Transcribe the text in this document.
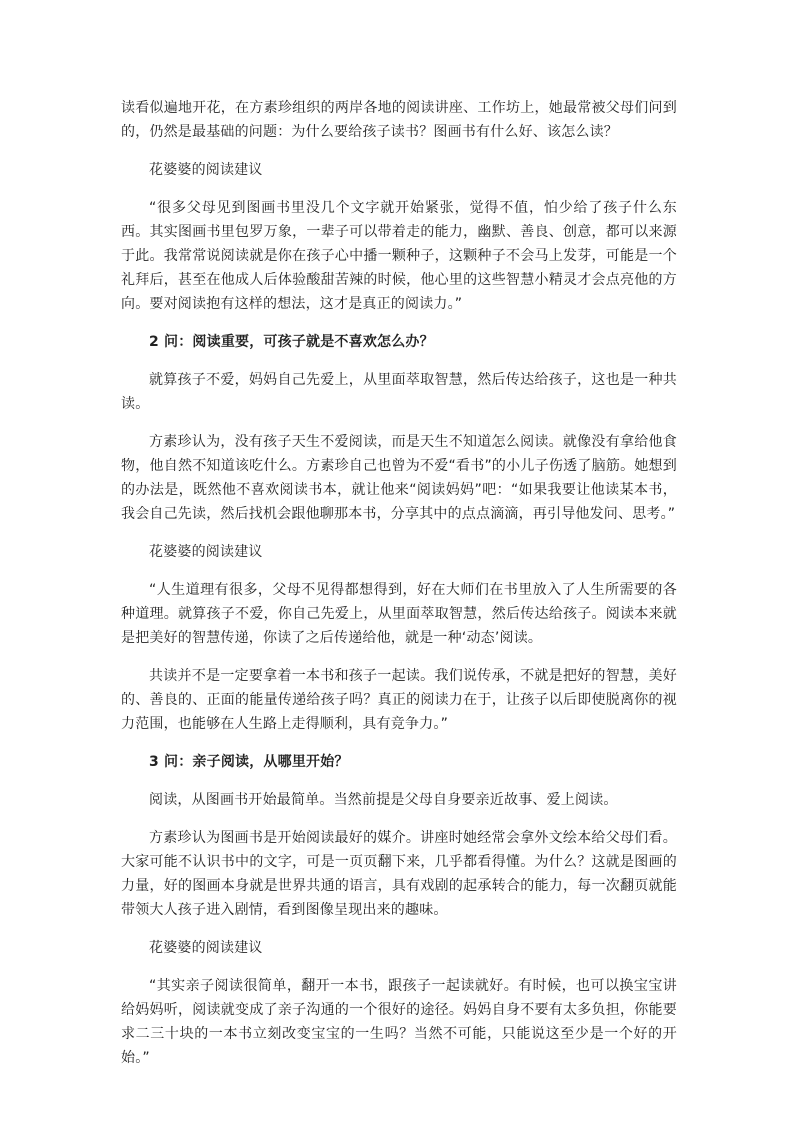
读看似遍地开花，在方素珍组织的两岸各地的阅读讲座、工作坊上，她最常被父母们问到的，仍然是最基础的问题：为什么要给孩子读书？图画书有什么好、该怎么读？

花婆婆的阅读建议

“很多父母见到图画书里没几个文字就开始紧张，觉得不值，怕少给了孩子什么东西。其实图画书里包罗万象，一辈子可以带着走的能力，幽默、善良、创意，都可以来源于此。我常常说阅读就是你在孩子心中播一颗种子，这颗种子不会马上发芽，可能是一个礼拜后，甚至在他成人后体验酸甜苦辣的时候，他心里的这些智慧小精灵才会点亮他的方向。要对阅读抱有这样的想法，这才是真正的阅读力。”

2 问：阅读重要，可孩子就是不喜欢怎么办？

就算孩子不爱，妈妈自己先爱上，从里面萃取智慧，然后传达给孩子，这也是一种共读。

方素珍认为，没有孩子天生不爱阅读，而是天生不知道怎么阅读。就像没有拿给他食物，他自然不知道该吃什么。方素珍自己也曾为不爱“看书”的小儿子伤透了脑筋。她想到的办法是，既然他不喜欢阅读书本，就让他来“阅读妈妈”吧：“如果我要让他读某本书，我会自己先读，然后找机会跟他聊那本书，分享其中的点点滴滴，再引导他发问、思考。”

花婆婆的阅读建议

“人生道理有很多，父母不见得都想得到，好在大师们在书里放入了人生所需要的各种道理。就算孩子不爱，你自己先爱上，从里面萃取智慧，然后传达给孩子。阅读本来就是把美好的智慧传递，你读了之后传递给他，就是一种‘动态’阅读。

共读并不是一定要拿着一本书和孩子一起读。我们说传承，不就是把好的智慧，美好的、善良的、正面的能量传递给孩子吗？真正的阅读力在于，让孩子以后即使脱离你的视力范围，也能够在人生路上走得顺利，具有竞争力。”

3 问：亲子阅读，从哪里开始？

阅读，从图画书开始最简单。当然前提是父母自身要亲近故事、爱上阅读。

方素珍认为图画书是开始阅读最好的媒介。讲座时她经常会拿外文绘本给父母们看。大家可能不认识书中的文字，可是一页页翻下来，几乎都看得懂。为什么？这就是图画的力量，好的图画本身就是世界共通的语言，具有戏剧的起承转合的能力，每一次翻页就能带领大人孩子进入剧情，看到图像呈现出来的趣味。

花婆婆的阅读建议

“其实亲子阅读很简单，翻开一本书，跟孩子一起读就好。有时候，也可以换宝宝讲给妈妈听，阅读就变成了亲子沟通的一个很好的途径。妈妈自身不要有太多负担，你能要求二三十块的一本书立刻改变宝宝的一生吗？当然不可能，只能说这至少是一个好的开始。”
